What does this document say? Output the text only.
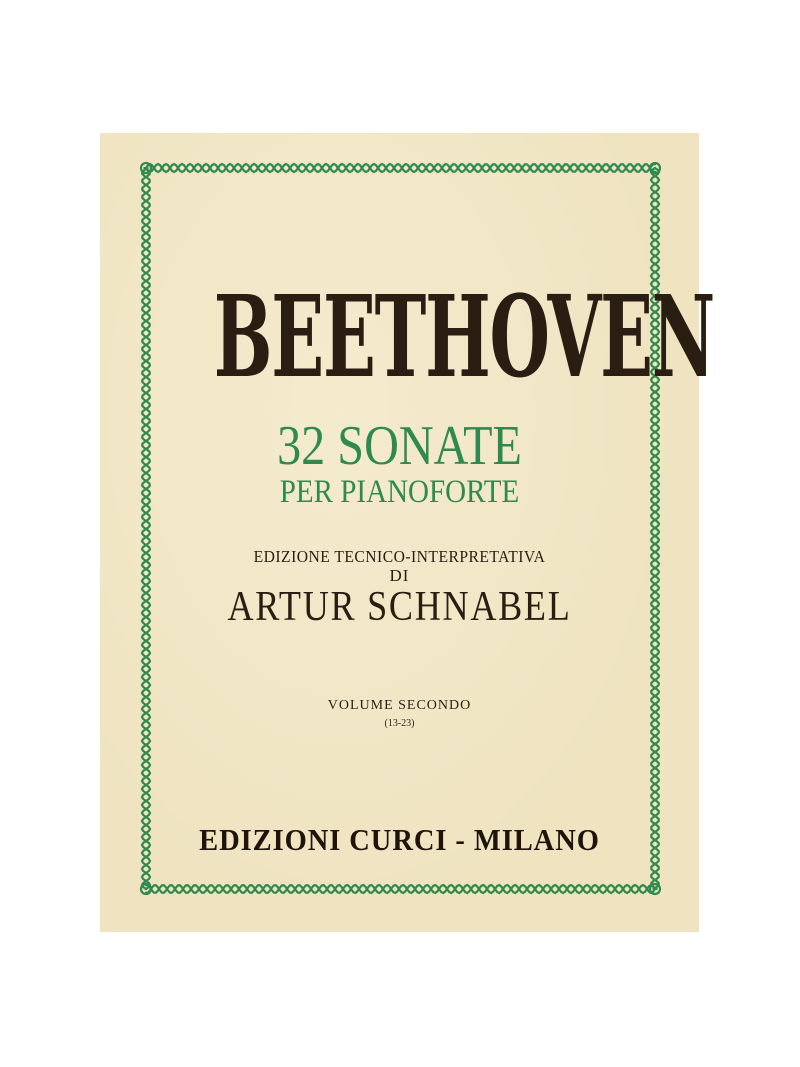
BEETHOVEN
32 SONATE
PER PIANOFORTE
EDIZIONE TECNICO-INTERPRETATIVA
DI
ARTUR SCHNABEL
VOLUME SECONDO
(13-23)
EDIZIONI CURCI - MILANO
